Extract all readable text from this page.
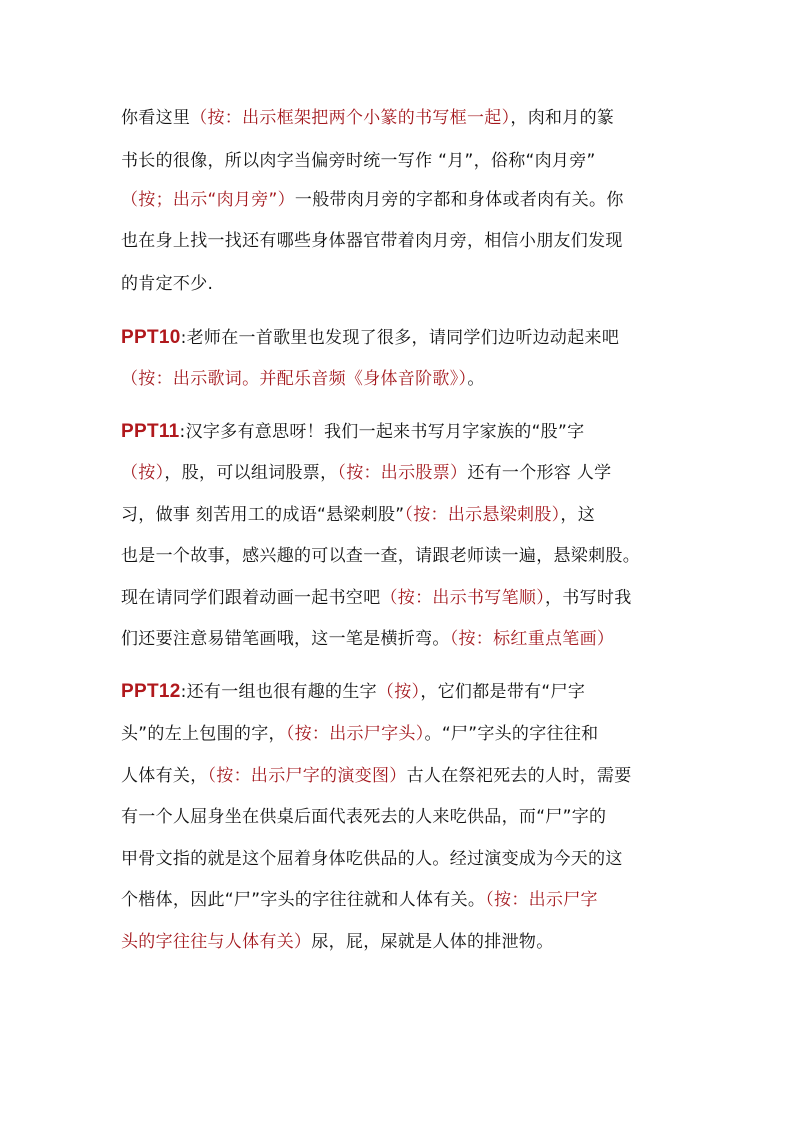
你看这里（按：出示框架把两个小篆的书写框一起），肉和月的篆
书长的很像，所以肉字当偏旁时统一写作 “月”，俗称“肉月旁”
（按；出示“肉月旁”）一般带肉月旁的字都和身体或者肉有关。你
也在身上找一找还有哪些身体器官带着肉月旁，相信小朋友们发现
的肯定不少.
PPT10:老师在一首歌里也发现了很多，请同学们边听边动起来吧
（按：出示歌词。并配乐音频《身体音阶歌》）。
PPT11:汉字多有意思呀！我们一起来书写月字家族的“股”字
（按），股，可以组词股票，（按：出示股票）还有一个形容 人学
习，做事 刻苦用工的成语“悬梁刺股”（按：出示悬梁刺股），这
也是一个故事，感兴趣的可以查一查，请跟老师读一遍，悬梁刺股。
现在请同学们跟着动画一起书空吧（按：出示书写笔顺），书写时我
们还要注意易错笔画哦，这一笔是横折弯。（按：标红重点笔画）
PPT12:还有一组也很有趣的生字（按），它们都是带有“尸字
头”的左上包围的字，（按：出示尸字头）。“尸”字头的字往往和
人体有关，（按：出示尸字的演变图）古人在祭祀死去的人时，需要
有一个人屈身坐在供桌后面代表死去的人来吃供品，而“尸”字的
甲骨文指的就是这个屈着身体吃供品的人。经过演变成为今天的这
个楷体，因此“尸”字头的字往往就和人体有关。（按：出示尸字
头的字往往与人体有关）尿，屁，屎就是人体的排泄物。
